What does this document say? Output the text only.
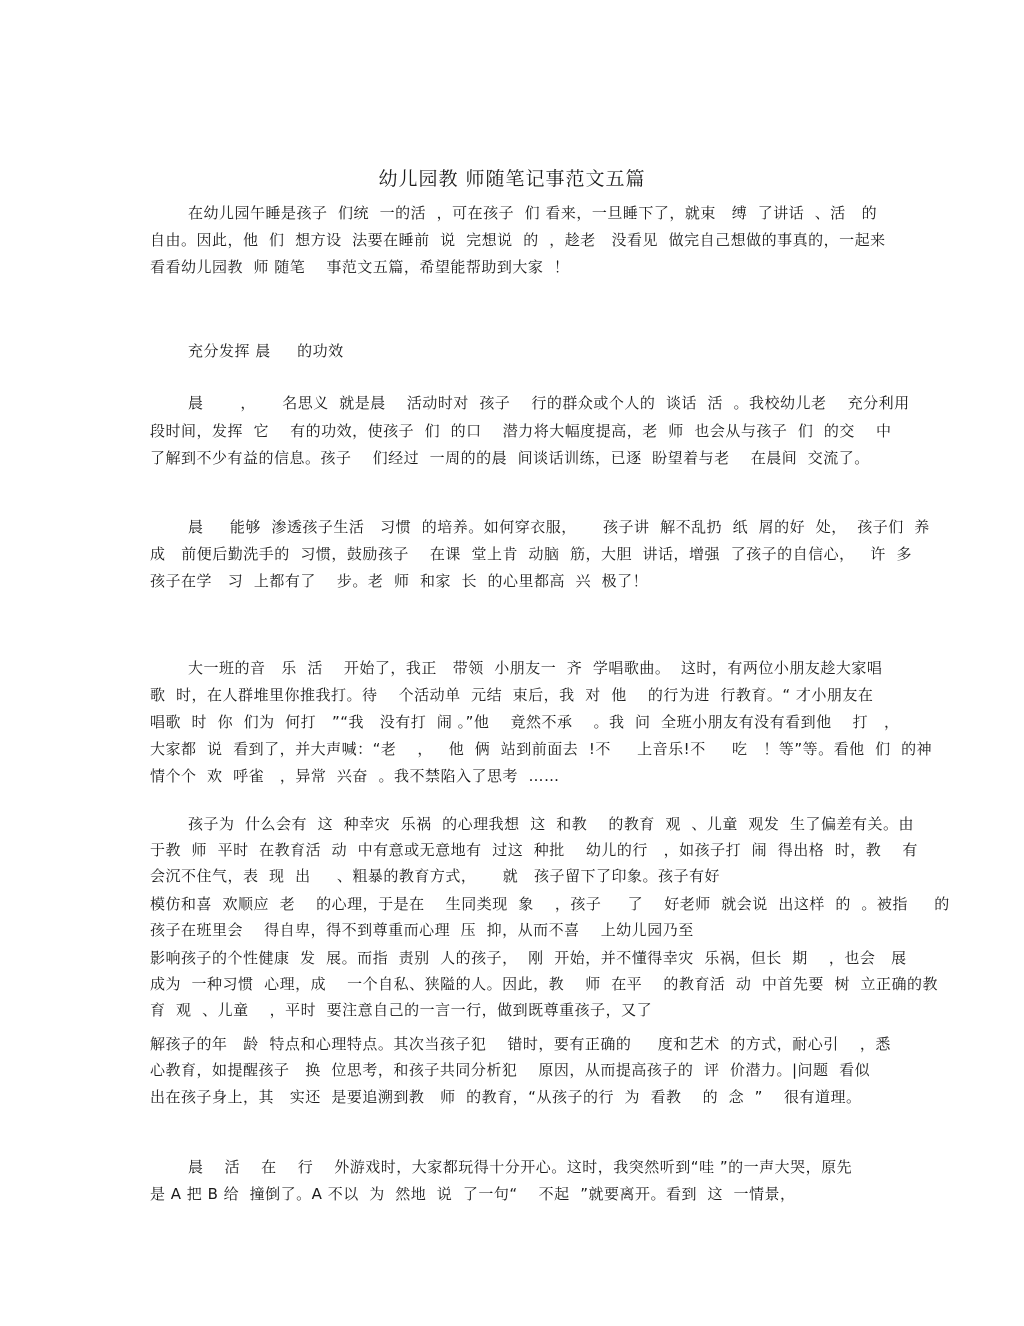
幼儿园教 师随笔记事范文五篇
在幼儿园午睡是孩子  们统  一的活  ，可在孩子  们 看来，一旦睡下了，就束   缚  了讲话  、活   的
自由。因此，他  们  想方设  法要在睡前  说  完想说  的  ，趁老   没看见  做完自己想做的事真的，一起来
看看幼儿园教  师 随笔    事范文五篇，希望能帮助到大家  ！
充分发挥 晨     的功效
晨       ，     名思义  就是晨    活动时对  孩子    行的群众或个人的  谈话  活  。我校幼儿老    充分利用
段时间，发挥  它    有的功效，使孩子  们  的口    潜力将大幅度提高，老  师  也会从与孩子  们  的交    中
了解到不少有益的信息。孩子    们经过  一周的的晨  间谈话训练，已逐  盼望着与老    在晨间  交流了。
晨     能够  渗透孩子生活   习惯  的培养。如何穿衣服，     孩子讲  解不乱扔  纸  屑的好  处，  孩子们  养
成   前便后勤洗手的  习惯，鼓励孩子    在课  堂上肯  动脑  筋，大胆  讲话，增强  了孩子的自信心，   许  多
孩子在学   习  上都有了    步。老  师  和家  长  的心里都高  兴  极了！
大一班的音   乐  活    开始了，我正   带领  小朋友一  齐  学唱歌曲。  这时，有两位小朋友趁大家唱
歌  时，在人群堆里你推我打。待    个活动单  元结  束后，我  对  他    的行为进  行教育。“ 才小朋友在
唱歌  时  你  们为  何打   ”“我   没有打  闹 。”他    竟然不承    。我  问  全班小朋友有没有看到他    打   ，
大家都  说  看到了，并大声喊：“老    ，   他  俩  站到前面去  !不     上音乐!不     吃   ！等”等。看他  们  的神
情个个  欢  呼雀   ，异常  兴奋  。我不禁陷入了思考  ……
孩子为  什么会有  这  种幸灾  乐祸  的心理我想  这  和教    的教育  观  、儿童  观发  生了偏差有关。由
于教  师  平时  在教育活  动  中有意或无意地有  过这  种批    幼儿的行   ，如孩子打  闹  得出格  时，教    有
会沉不住气，表  现  出     、粗暴的教育方式，     就   孩子留下了印象。孩子有好
模仿和喜  欢顺应  老    的心理，于是在    生同类现  象    ，孩子     了    好老师  就会说  出这样  的  。被指     的
孩子在班里会    得自卑，得不到尊重而心理  压  抑，从而不喜    上幼儿园乃至
影响孩子的个性健康  发  展。而指  责别  人的孩子，  刚  开始，并不懂得幸灾  乐祸，但长  期    ，也会   展
成为  一种习惯  心理，成    一个自私、狭隘的人。因此，教    师  在平    的教育活  动  中首先要  树  立正确的教
育  观  、儿童    ，平时  要注意自己的一言一行，做到既尊重孩子，又了
解孩子的年   龄  特点和心理特点。其次当孩子犯    错时，要有正确的     度和艺术  的方式，耐心引    ，悉
心教育，如提醒孩子   换  位思考，和孩子共同分析犯    原因，从而提高孩子的  评  价潜力。|问题  看似
出在孩子身上，其   实还  是要追溯到教   师  的教育，“从孩子的行  为  看教    的  念  ”    很有道理。
晨    活    在    行    外游戏时，大家都玩得十分开心。这时，我突然听到“哇 ”的一声大哭，原先
是 A 把 B 给  撞倒了。A 不以  为  然地  说  了一句“    不起  ”就要离开。看到  这  一情景，
